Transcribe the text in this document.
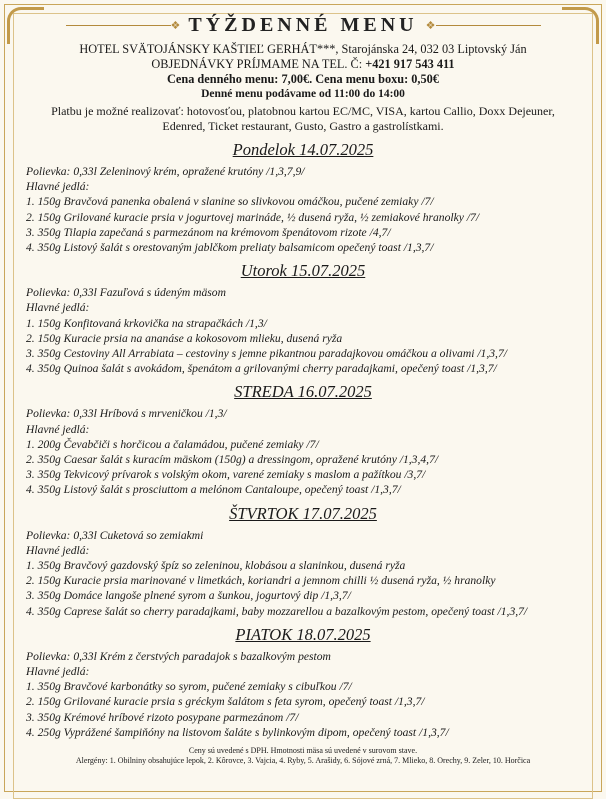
❖ TÝŽDENNÉ MENU ❖
HOTEL SVÄTOJÁNSKY KAŠTIEĽ GERHÁT***, Starojánska 24, 032 03 Liptovský Ján
OBJEDNÁVKY PRÍJMAME NA TEL. Č: +421 917 543 411
Cena denného menu: 7,00€. Cena menu boxu: 0,50€
Denné menu podávame od 11:00 do 14:00
Platbu je možné realizovať: hotovosťou, platobnou kartou EC/MC, VISA, kartou Callio, Doxx Dejeuner,
Edenred, Ticket restaurant, Gusto, Gastro a gastrolístkami.
Pondelok 14.07.2025
Polievka: 0,33l Zeleninový krém, opražené krutóny /1,3,7,9/
Hlavné jedlá:
1. 150g Bravčová panenka obalená v slanine so slivkovou omáčkou, pučené zemiaky /7/
2. 150g Grilované kuracie prsia v jogurtovej marináde, ½ dusená ryža, ½ zemiakové hranolky /7/
3. 350g Tilapia zapečaná s parmezánom na krémovom špenátovom rizote /4,7/
4. 350g Listový šalát s orestovaným jablčkom preliaty balsamicom opečený toast /1,3,7/
Utorok 15.07.2025
Polievka: 0,33l Fazuľová s údeným mäsom
Hlavné jedlá:
1. 150g Konfitovaná krkovička na strapačkách /1,3/
2. 150g Kuracie prsia na ananáse a kokosovom mlieku, dusená ryža
3. 350g Cestoviny All Arrabiata – cestoviny s jemne pikantnou paradajkovou omáčkou a olivami /1,3,7/
4. 350g Quinoa šalát s avokádom, špenátom a grilovanými cherry paradajkami, opečený toast /1,3,7/
STREDA 16.07.2025
Polievka: 0,33l Hríbová s mrveničkou /1,3/
Hlavné jedlá:
1. 200g Čevabčiči s horčicou a čalamádou, pučené zemiaky /7/
2. 350g Caesar šalát s kuracím mäskom (150g) a dressingom, opražené krutóny /1,3,4,7/
3. 350g Tekvicový prívarok s volským okom, varené zemiaky s maslom a pažítkou /3,7/
4. 350g Listový šalát s prosciuttom a melónom Cantaloupe, opečený toast /1,3,7/
ŠTVRTOK 17.07.2025
Polievka: 0,33l Cuketová so zemiakmi
Hlavné jedlá:
1. 350g Bravčový gazdovský špíz so zeleninou, klobásou a slaninkou, dusená ryža
2. 150g Kuracie prsia marinované v limetkách, koriandri a jemnom chilli ½ dusená ryža, ½ hranolky
3. 350g Domáce langoše plnené syrom a šunkou, jogurtový dip /1,3,7/
4. 350g Caprese šalát so cherry paradajkami, baby mozzarellou a bazalkovým pestom, opečený toast /1,3,7/
PIATOK 18.07.2025
Polievka: 0,33l Krém z čerstvých paradajok s bazalkovým pestom
Hlavné jedlá:
1. 350g Bravčové karbonátky so syrom, pučené zemiaky s cibuľkou /7/
2. 150g Grilované kuracie prsia s gréckym šalátom s feta syrom, opečený toast /1,3,7/
3. 350g Krémové hríbové rizoto posypane parmezánom /7/
4. 250g Vyprážené šampiňóny na listovom šaláte s bylinkovým dipom, opečený toast /1,3,7/
Ceny sú uvedené s DPH. Hmotnosti mäsa sú uvedené v surovom stave.
Alergény: 1. Obilniny obsahujúce lepok, 2. Kôrovce, 3. Vajcia, 4. Ryby, 5. Arašidy, 6. Sójové zrná, 7. Mlieko, 8. Orechy, 9. Zeler, 10. Horčica
